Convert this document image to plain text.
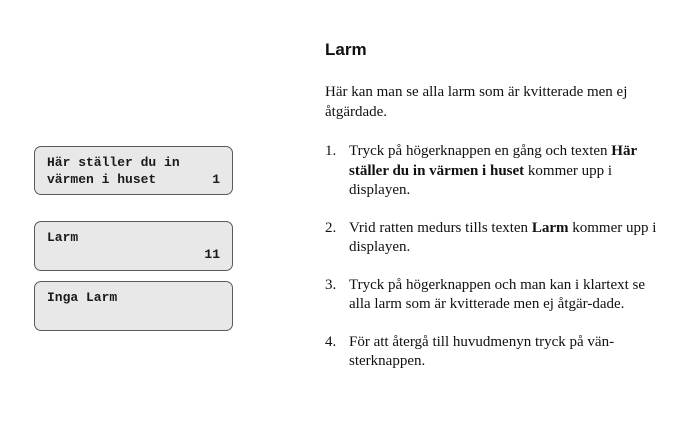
Här ställer du in
värmen i huset	1
Larm
11
Inga Larm
Larm

Här kan man se alla larm som är kvitterade men ej åtgärdade.

1. Tryck på högerknappen en gång och texten Här ställer du in värmen i huset kommer upp i displayen.
2. Vrid ratten medurs tills texten Larm kommer upp i displayen.
3. Tryck på högerknappen och man kan i klartext se alla larm som är kvitterade men ej åtgär-dade.
4. För att återgå till huvudmenyn tryck på vän-sterknappen.
